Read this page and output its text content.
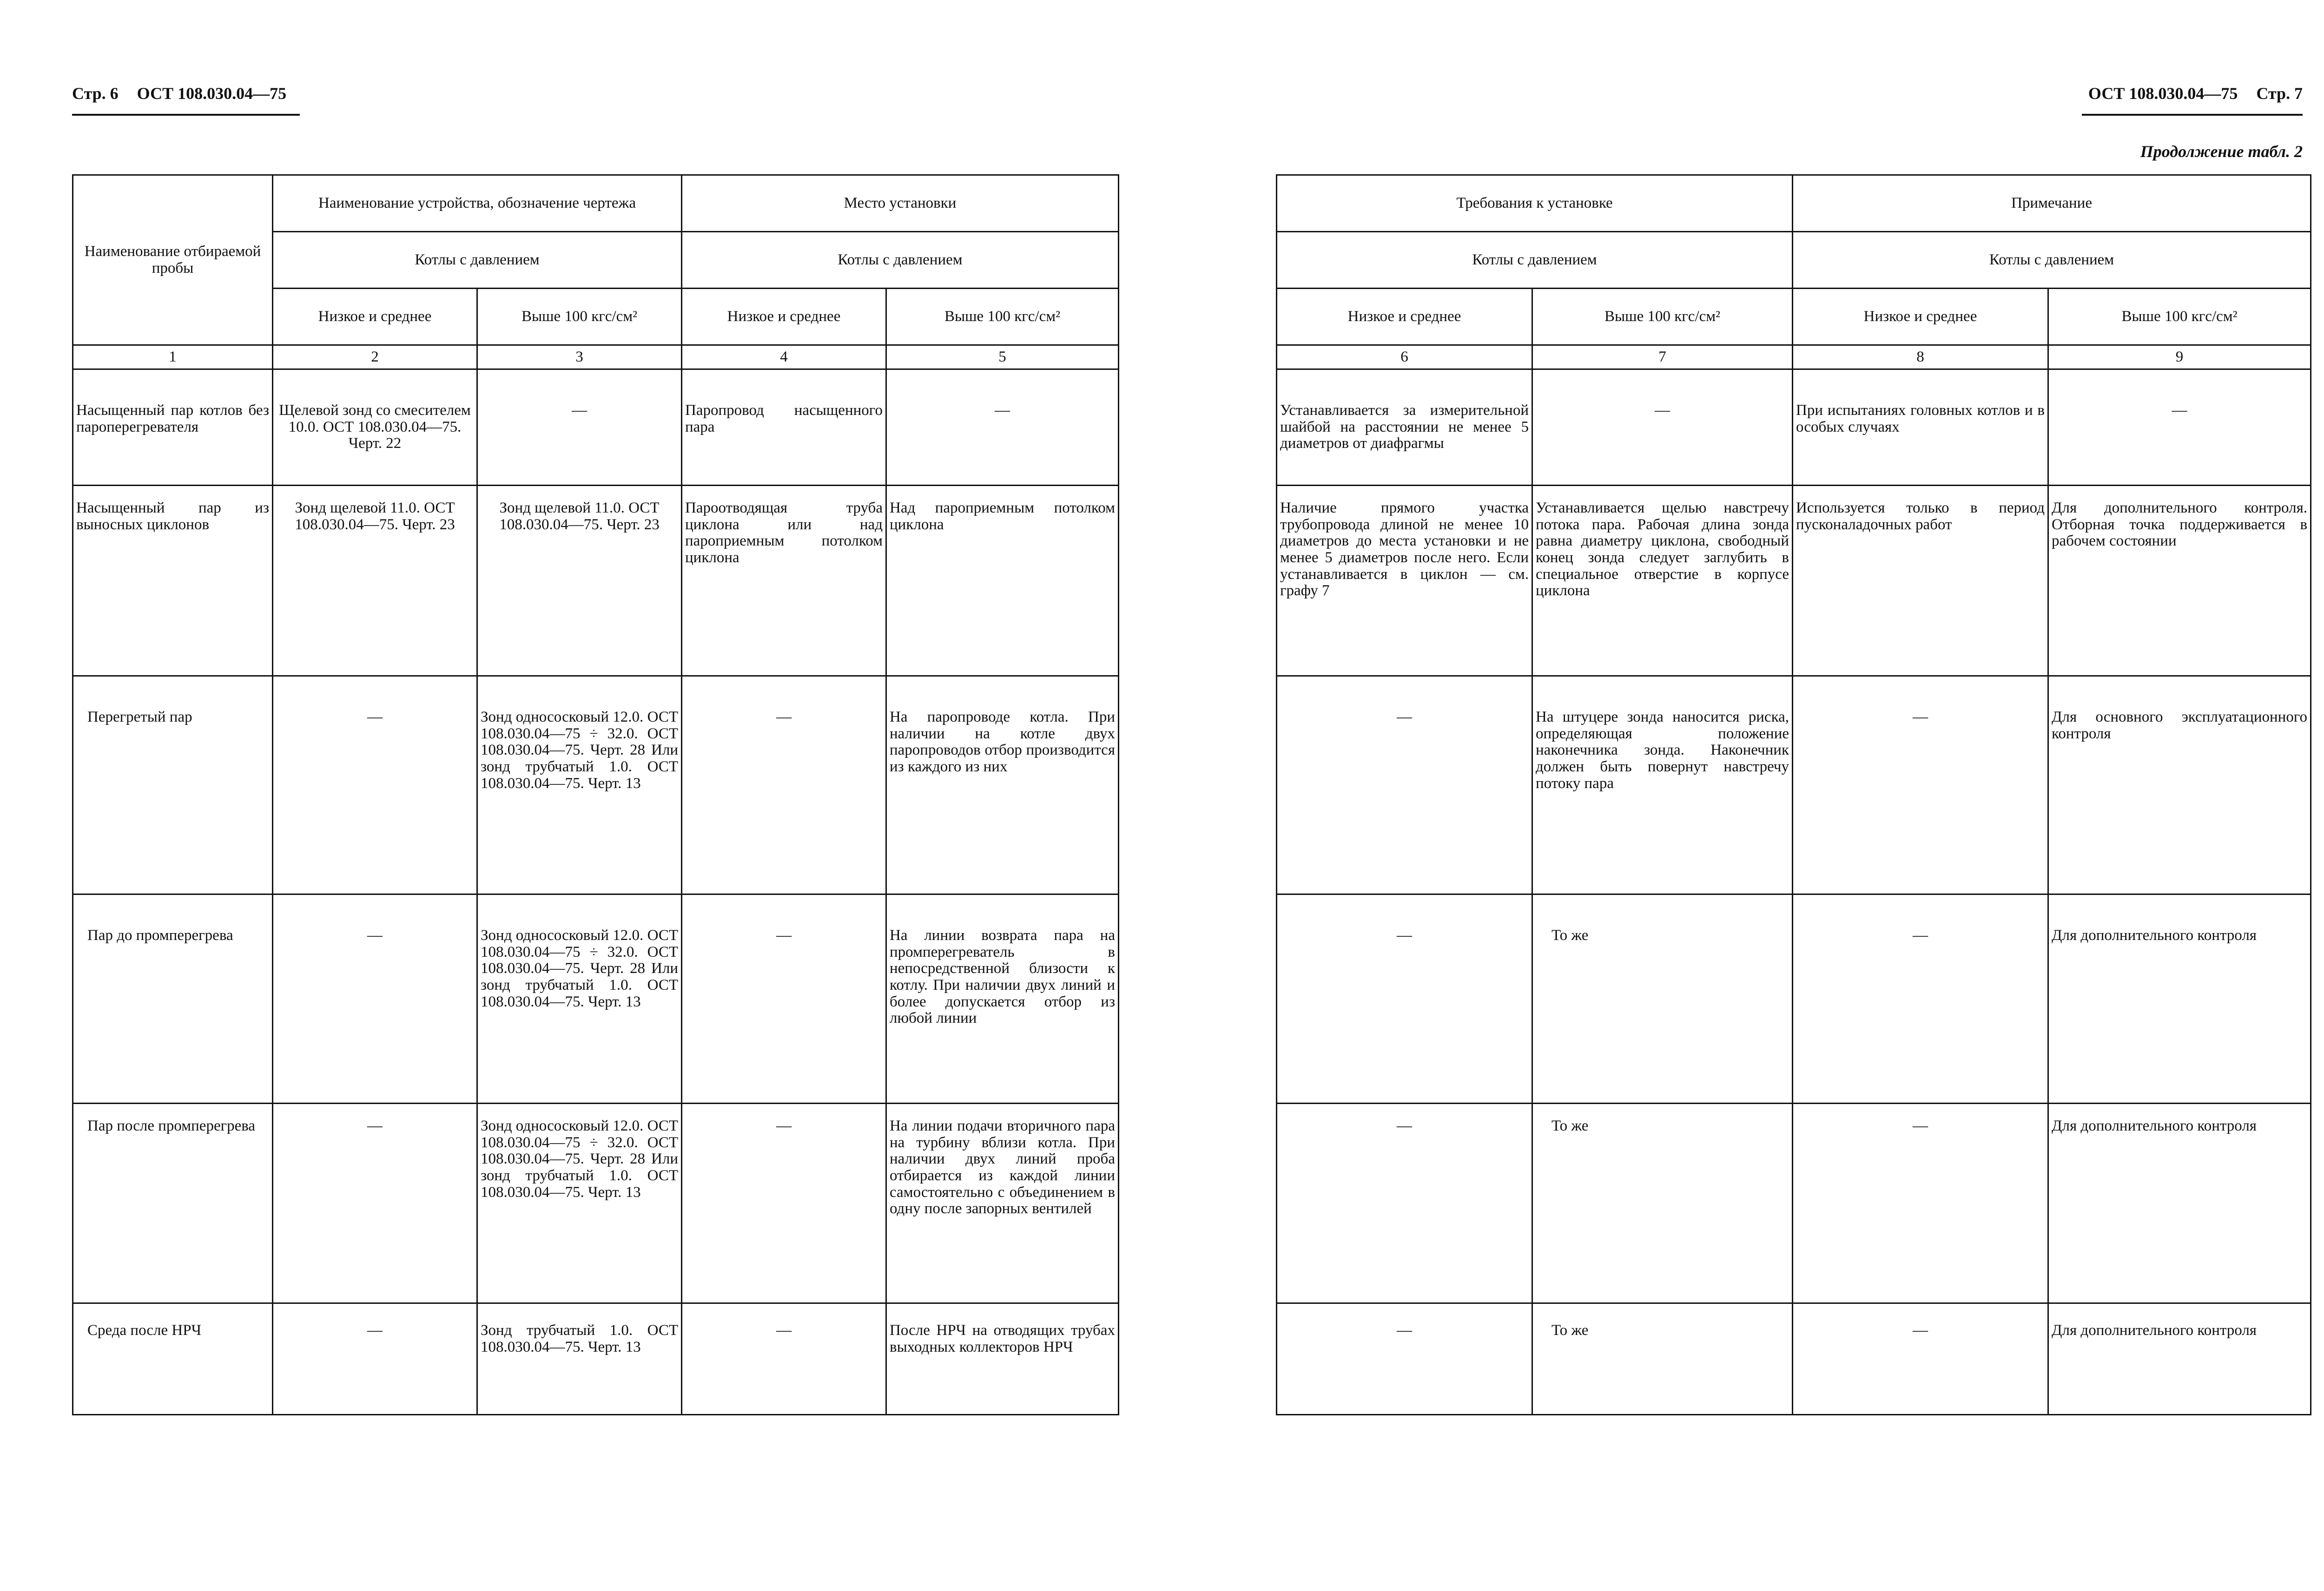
Стр. 6 ОСТ 108.030.04—75
Наименование отбираемой пробы	Наименование устройства, обозначение чертежа		Место установки	
	Котлы с давлением		Котлы с давлением	
	Низкое и среднее	Выше 100 кгс/см²	Низкое и среднее	Выше 100 кгс/см²
1	2	3	4	5
Насыщенный пар котлов без пароперегревателя	Щелевой зонд со смесителем 10.0. ОСТ 108.030.04—75. Черт. 22	—	Паропровод насыщенного пара	—
Насыщенный пар из выносных циклонов	Зонд щелевой 11.0. ОСТ 108.030.04—75. Черт. 23	Зонд щелевой 11.0. ОСТ 108.030.04—75. Черт. 23	Пароотводящая труба циклона или над пароприемным потолком циклона	Над пароприемным потолком циклона
Перегретый пар	—	Зонд однососковый 12.0. ОСТ 108.030.04—75 ÷ 32.0. ОСТ 108.030.04—75. Черт. 28 Или зонд трубчатый 1.0. ОСТ 108.030.04—75. Черт. 13	—	На паропроводе котла. При наличии на котле двух паропроводов отбор производится из каждого из них
Пар до промперегрева	—	Зонд однососковый 12.0. ОСТ 108.030.04—75 ÷ 32.0. ОСТ 108.030.04—75. Черт. 28 Или зонд трубчатый 1.0. ОСТ 108.030.04—75. Черт. 13	—	На линии возврата пара на промперегреватель в непосредственной близости к котлу. При наличии двух линий и более допускается отбор из любой линии
Пар после промперегрева	—	Зонд однососковый 12.0. ОСТ 108.030.04—75 ÷ 32.0. ОСТ 108.030.04—75. Черт. 28 Или зонд трубчатый 1.0. ОСТ 108.030.04—75. Черт. 13	—	На линии подачи вторичного пара на турбину вблизи котла. При наличии двух линий проба отбирается из каждой линии самостоятельно с объединением в одну после запорных вентилей
Среда после НРЧ	—	Зонд трубчатый 1.0. ОСТ 108.030.04—75. Черт. 13	—	После НРЧ на отводящих трубах выходных коллекторов НРЧ
ОСТ 108.030.04—75 Стр. 7
Продолжение табл. 2
Требования к установке		Примечание	
Котлы с давлением		Котлы с давлением	
Низкое и среднее	Выше 100 кгс/см²	Низкое и среднее	Выше 100 кгс/см²
6	7	8	9
Устанавливается за измерительной шайбой на расстоянии не менее 5 диаметров от диафрагмы	—	При испытаниях головных котлов и в особых случаях	—
Наличие прямого участка трубопровода длиной не менее 10 диаметров до места установки и не менее 5 диаметров после него. Если устанавливается в циклон — см. графу 7	Устанавливается щелью навстречу потока пара. Рабочая длина зонда равна диаметру циклона, свободный конец зонда следует заглубить в специальное отверстие в корпусе циклона	Используется только в период пусконаладочных работ	Для дополнительного контроля. Отборная точка поддерживается в рабочем состоянии
—	На штуцере зонда наносится риска, определяющая положение наконечника зонда. Наконечник должен быть повернут навстречу потоку пара	—	Для основного эксплуатационного контроля
—	То же	—	Для дополнительного контроля
—	То же	—	Для дополнительного контроля
—	То же	—	Для дополнительного контроля
